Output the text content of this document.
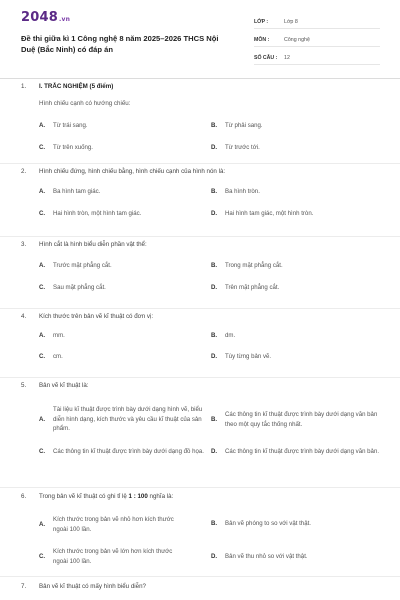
2048.vn
Đề thi giữa kì 1 Công nghệ 8 năm 2025–2026 THCS Nội Duệ (Bắc Ninh) có đáp án
LỚP :	Lớp 8
MÔN :	Công nghệ
SỐ CÂU :	12
1.	I. TRẮC NGHIỆM (5 điểm)
Hình chiếu cạnh có hướng chiếu:
A.	Từ trái sang.	B.	Từ phải sang.
C.	Từ trên xuống.	D.	Từ trước tới.
2.	Hình chiếu đứng, hình chiếu bằng, hình chiếu cạnh của hình nón là:
A.	Ba hình tam giác.	B.	Ba hình tròn.
C.	Hai hình tròn, một hình tam giác.	D.	Hai hình tam giác, một hình tròn.
3.	Hình cắt là hình biểu diễn phần vật thể:
A.	Trước mặt phẳng cắt.	B.	Trong mặt phẳng cắt.
C.	Sau mặt phẳng cắt.	D.	Trên mặt phẳng cắt.
4.	Kích thước trên bản vẽ kĩ thuật có đơn vị:
A.	mm.	B.	dm.
C.	cm.	D.	Tùy từng bản vẽ.
5.	Bản vẽ kĩ thuật là:
A.
Tài liệu kĩ thuật được trình bày dưới dạng hình vẽ, biểu diễn hình dạng, kích thước và yêu cầu kĩ thuật của sản phẩm.
B.
Các thông tin kĩ thuật được trình bày dưới dạng văn bản theo một quy tắc thống nhất.
C.	Các thông tin kĩ thuật được trình bày dưới dạng đồ họa.	D.	Các thông tin kĩ thuật được trình bày dưới dạng văn bản.
6.	Trong bản vẽ kĩ thuật có ghi tỉ lệ 1 : 100 nghĩa là:
A.
Kích thước trong bản vẽ nhỏ hơn kích thước ngoài 100 lần.
B.	Bản vẽ phóng to so với vật thật.
C.
Kích thước trong bản vẽ lớn hơn kích thước ngoài 100 lần.
D.	Bản vẽ thu nhỏ so với vật thật.
7.	Bản vẽ kĩ thuật có mấy hình biểu diễn?
